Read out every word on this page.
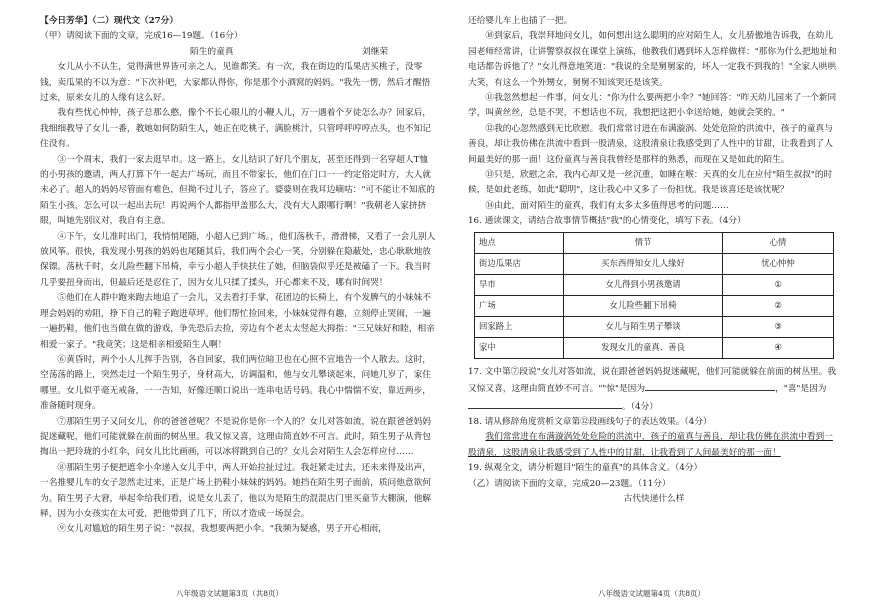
【今日芳华】（二）现代文（27分）

（甲）请阅读下面的文章，完成16—19题。（16分）

陌生的童真	刘继荣

女儿从小不认生，觉得满世界皆可亲之人，见谁都笑。有一次，我在街边的瓜果店买桃子，没零钱，卖瓜果的不以为意："下次补吧，大家都认得你，你是那个小酒窝的妈妈。"我先一愣，然后才醒悟过来，原来女儿的人缘有这么好。

我有些忧心忡忡，孩子总那么憨，像个不长心眼儿的小鞭人儿，万一遇着个歹徒怎么办？回家后，我细细教导了女儿一番，教她如何防陌生人，她正在吃桃子，满脸桃汁，只管呼呼哼哼点头，也不知记住没有。

③一个周末，我们一家去逛早市。这一路上，女儿结识了好几个朋友，甚至还得到一名穿超人T恤的小男孩的邀请，两人打算下午一起去广场玩，而且不带家长，他们在门口一一约定俗定时方，大人就未必了。超人的妈妈尽管面有难色，但拗不过儿子，答应了。婆婆则在我耳边嘀咕："可不能让不知底的陌生小孩，怎么可以一起出去玩！再说两个人都指甲盖那么大，没有大人跟哪行啊！"我朝老人家挤挤眼，叫她先别议对，我自有主意。

④下午，女儿准时出门，我悄悄尾随，小超人已到广场。，他们荡秋千，滑滑梯，又看了一会儿别人放风筝。很快，我发现小男孩的妈妈也尾随其后，我们两个会心一笑，分别躲在隐蔽处，忠心耿耿地放保镖。荡秋千时，女儿险些翻下吊椅，幸亏小超人手快扶住了她，但脑袋似乎还是被磕了一下。我当时几乎要扭身而出，但最后还是忍住了，因为女儿只揉了揉头，开心都来不及，哪有时间哭！

⑤他们在人群中跑来跑去地追了一会儿，又去看打手掌，花团边的长椅上，有个发脾气的小妹妹不理会妈妈的劝阻，挣下自己的鞋子跑进草坪。他们帮忙捡回来，小妹妹觉得有趣，立刻停止哭闹，一遍一遍扔鞋，他们也当做在做的游戏，争先恐后去捡，旁边有个老太太竖起大拇指："三兄妹好和睦，相亲相爱一家子。"我竟笑；这是相亲相爱陌生人啊！

⑥黄昏时，两个小人儿挥手告别，各自回家，我们两位暗卫也在心照不宣地告一个人散去。这时，空荡荡的路上，突然走过一个陌生男子，身材高大，访调温和，他与女儿攀谈起来，问她几岁了，家住哪里。女儿似乎毫无戒备，一一告知，好像还顺口说出一连串电话号码。我心中惴惴不安，靠近两步，准备随时现身。

⑦那陌生男子又问女儿，你的爸爸爸呢？不是说你是你一个人的？女儿对答如流，说在跟爸爸妈妈捉迷藏呢，他们可能就躲在前面的树丛里。我又惊又喜，这理由简直妙不可言。此时，陌生男子从背包掏出一把玲珑的小红伞，问女儿比比画画，可以冰将跳到自己的？女儿会对陌生人会怎样应付……

⑧那陌生男子便把遮伞小伞递入女儿手中，两人开始拉扯过过。我赶紧走过去，还未来得及出声，一名推婴儿车的女子忽然走过来，正是广场上扔鞋小妹妹的妈妈。她挡在陌生男子面前，质问他意欲何为。陌生男子大窘，举起伞给我们看，说是女儿丢了，他以为是陌生的混混店门里买童节大棚演，他解释，因为小女孩实在太可爱，把他带到了几下，所以才造成一场误会。

⑨女儿对尴尬的陌生男子说："叔叔，我想要两把小伞。"我频为疑惑，男子开心相雨，

还给婴儿车上也插了一把。

⑩到家后，我崇拜地问女儿，如何想出这么聪明的应对陌生人，女儿骄傲地告诉我，在幼儿园老师经常讲，让讲警察叔叔在课堂上演练，他教我们遇到坏人怎样做样："那你为什么把地址和电话都告诉他了？"女儿得意地笑道："我说的全是舅舅家的，坏人一定我不到我的！"全家人哄哄大笑，有这么一个外甥女，舅舅不知该哭还是该笑。

⑪我忽然想起一件事，问女儿："你为什么要两把小伞？"她回答："昨天幼儿园来了一个新同学，叫黄丝丝，总是不哭，不想话也不玩，我想把这把小伞送给她，她就会笑的。"

⑫我的心忽然感到无比欣慰。我们常常讨进在布满漩涡、处处危险的洪流中，孩子的童真与善良，却让我仿佛在洪流中看到一股清泉，这股清泉让我感受到了人性中的甘甜，让我看到了人间最美好的那一面！这份童真与善良我曾经是那样的熟悉，而现在又是如此的陌生。

⑬只是，欣慰之余，我内心却又是一丝沉重，如睡在喉：天真的女儿在应付"陌生叔叔"的时候，是如此老练，如此"聪明"，这让我心中又多了一份担忧。我是该喜还是该忧呢？

⑭由此，面对陌生的童真，我们有太多太多值得思考的问题……

16. 通读课文，请结合故事情节概括"我"的心情变化，填写下表。（4分）

地点	情节	心情
街边瓜果店	买东西得知女儿人缘好	忧心忡忡
早市	女儿得到小男孩邀请	①
广场	女儿险些翻下吊椅	②
回家路上	女儿与陌生男子攀谈	③
家中	发现女儿的童真、善良	④

17. 文中第⑦段说"女儿对答如流，说在跟爸爸妈妈捉迷藏呢，他们可能就躲在前面的树丛里。我又惊又喜，这理由简直妙不可言。""惊"是因为	，"喜"是因为。（4分）

18. 请从修辞角度赏析文章第⑫段画线句子的表达效果。（4分）

我们常常进在布满漩涡处处危险的洪流中，孩子的童真与善良，却让我仿佛在洪流中看到一股清泉，这股清泉让我感受到了人性中的甘甜，让我看到了人间最美好的那一面！

19. 纵观全文，请分析题目"陌生的童真"的具体含义。（4分）

（乙）请阅读下面的文章，完成20—23题。（11分）

古代快递什么样

八年级语文试题第3页（共8页）	八年级语文试题第4页（共8页）
